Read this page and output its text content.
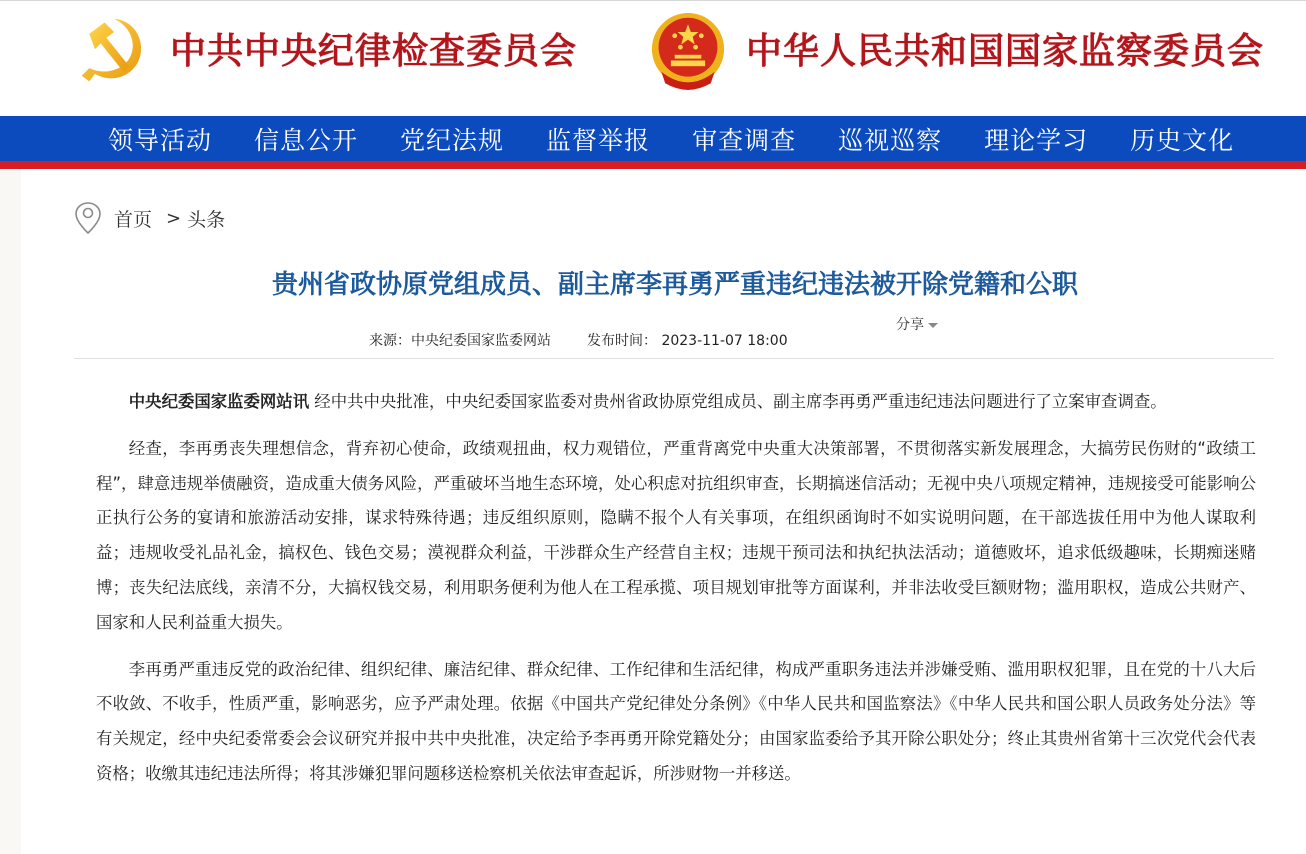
中共中央纪律检查委员会	中华人民共和国国家监察委员会
领导活动 信息公开 党纪法规 监督举报 审查调查 巡视巡察 理论学习 历史文化
首页 > 头条
贵州省政协原党组成员、副主席李再勇严重违纪违法被开除党籍和公职
分享
来源：中央纪委国家监委网站	发布时间： 2023-11-07 18:00

中央纪委国家监委网站讯 经中共中央批准，中央纪委国家监委对贵州省政协原党组成员、副主席李再勇严重违纪违法问题进行了立案审查调查。

经查，李再勇丧失理想信念，背弃初心使命，政绩观扭曲，权力观错位，严重背离党中央重大决策部署，不贯彻落实新发展理念，大搞劳民伤财的“政绩工程”，肆意违规举债融资，造成重大债务风险，严重破坏当地生态环境，处心积虑对抗组织审查，长期搞迷信活动；无视中央八项规定精神，违规接受可能影响公正执行公务的宴请和旅游活动安排，谋求特殊待遇；违反组织原则，隐瞒不报个人有关事项，在组织函询时不如实说明问题，在干部选拔任用中为他人谋取利益；违规收受礼品礼金，搞权色、钱色交易；漠视群众利益，干涉群众生产经营自主权；违规干预司法和执纪执法活动；道德败坏，追求低级趣味，长期痴迷赌博；丧失纪法底线，亲清不分，大搞权钱交易，利用职务便利为他人在工程承揽、项目规划审批等方面谋利，并非法收受巨额财物；滥用职权，造成公共财产、国家和人民利益重大损失。

李再勇严重违反党的政治纪律、组织纪律、廉洁纪律、群众纪律、工作纪律和生活纪律，构成严重职务违法并涉嫌受贿、滥用职权犯罪，且在党的十八大后不收敛、不收手，性质严重，影响恶劣，应予严肃处理。依据《中国共产党纪律处分条例》《中华人民共和国监察法》《中华人民共和国公职人员政务处分法》等有关规定，经中央纪委常委会会议研究并报中共中央批准，决定给予李再勇开除党籍处分；由国家监委给予其开除公职处分；终止其贵州省第十三次党代会代表资格；收缴其违纪违法所得；将其涉嫌犯罪问题移送检察机关依法审查起诉，所涉财物一并移送。
